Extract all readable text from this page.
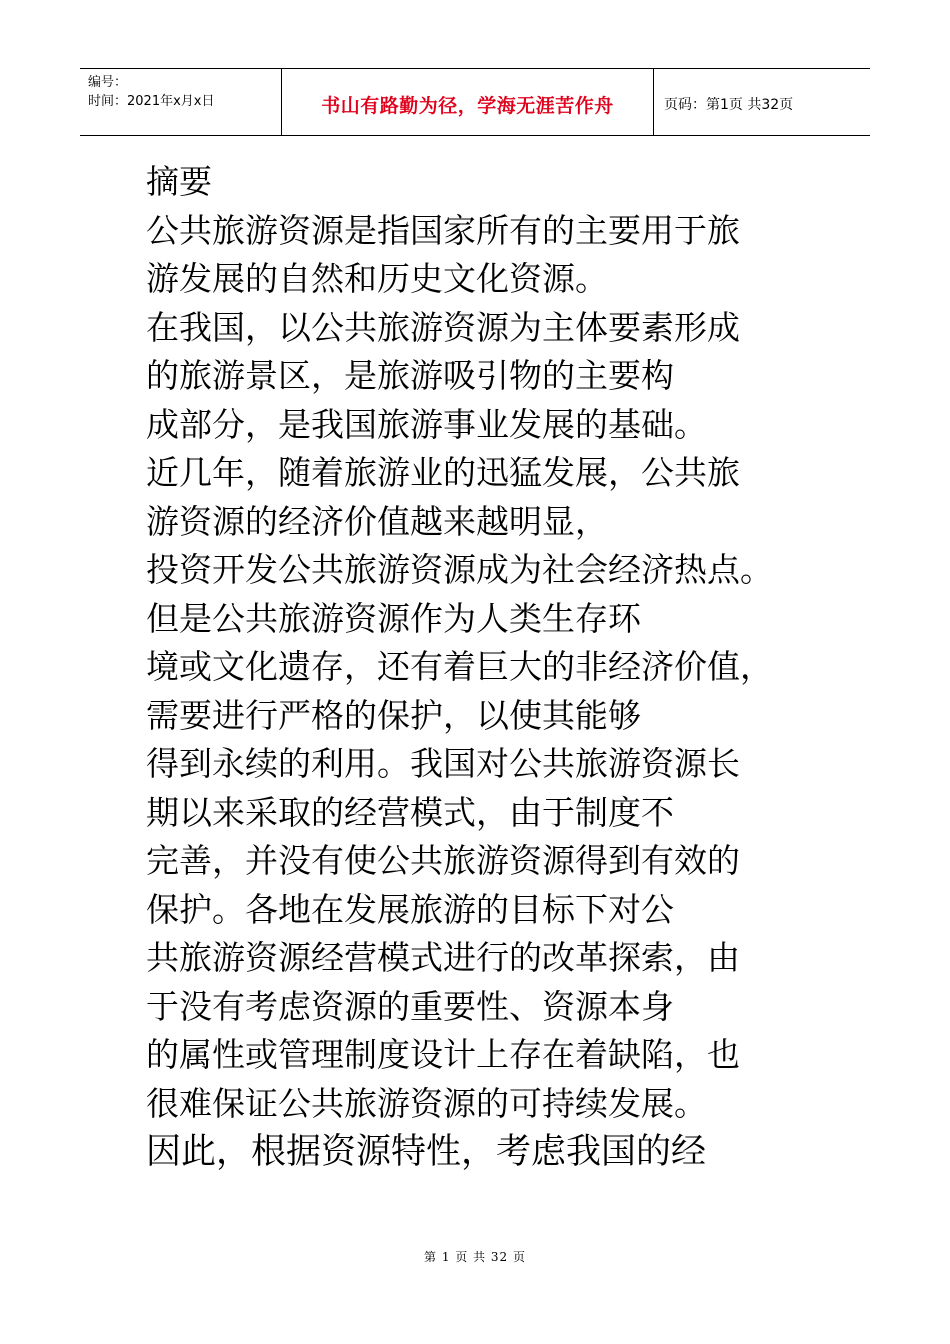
编号：
时间：2021年x月x日	书山有路勤为径，学海无涯苦作舟	页码：第1页 共32页
摘要
公共旅游资源是指国家所有的主要用于旅
游发展的自然和历史文化资源。
在我国，以公共旅游资源为主体要素形成
的旅游景区，是旅游吸引物的主要构
成部分，是我国旅游事业发展的基础。
近几年，随着旅游业的迅猛发展，公共旅
游资源的经济价值越来越明显，
投资开发公共旅游资源成为社会经济热点。
但是公共旅游资源作为人类生存环
境或文化遗存，还有着巨大的非经济价值，
需要进行严格的保护，以使其能够
得到永续的利用。我国对公共旅游资源长
期以来采取的经营模式，由于制度不
完善，并没有使公共旅游资源得到有效的
保护。各地在发展旅游的目标下对公
共旅游资源经营模式进行的改革探索，由
于没有考虑资源的重要性、资源本身
的属性或管理制度设计上存在着缺陷，也
很难保证公共旅游资源的可持续发展。
因此，根据资源特性，考虑我国的经
第 1 页 共 32 页
